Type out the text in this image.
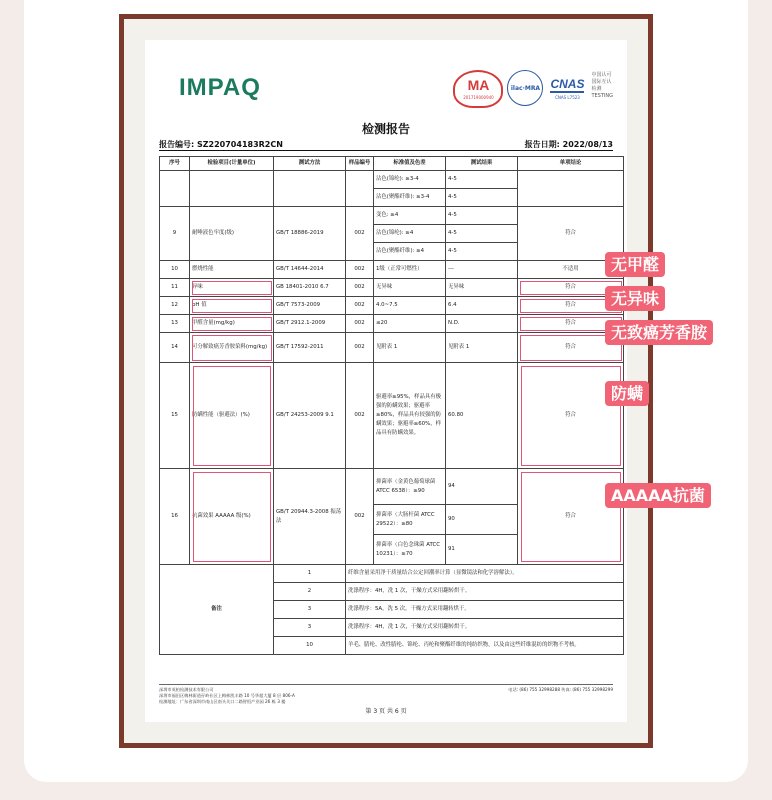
IMPAQ	MA
201719000940
ilac·MRA CNAS
CNAS L7523
中国认可
国际互认
检测
TESTING
检测报告
报告编号: SZ220704183R2CN	报告日期: 2022/08/13
序号	检验项目(计量单位)	测试方法	样品编号	标准值及色差	测试结果	单项结论
				沾色(锦纶): ≥3-4	4-5	
				沾色(聚酯纤维): ≥3-4	4-5	
9	耐唾液色牢度(级)	GB/T 18886-2019	002	变色: ≥4	4-5	符合
				沾色(锦纶): ≥4	4-5	
				沾色(聚酯纤维): ≥4	4-5	
10	燃烧性能	GB/T 14644-2014	002	1级（正常可燃性）	---	不适用
11	异味	GB 18401-2010 6.7	002	无异味	无异味	符合
12	pH 值	GB/T 7573-2009	002	4.0~7.5	6.4	符合
13	甲醛含量(mg/kg)	GB/T 2912.1-2009	002	≤20	N.D.	符合
14	可分解致癌芳香胺染料(mg/kg)	GB/T 17592-2011	002	见附表 1	见附表 1	符合
15	防螨性能（驱避法）(%)	GB/T 24253-2009 9.1	002	驱避率≥95%，样品具有极强的防螨效果；驱避率≥80%，样品具有较强的防螨效果；驱避率≥60%，样品具有防螨效果。	60.80	符合
16	抗菌效果 AAAAA 级(%)	GB/T 20944.3-2008 振荡法	002	抑菌率（金黄色葡萄球菌 ATCC 6538）：≥90	94	符合
				抑菌率（大肠杆菌 ATCC 29522）：≥80	90	
				抑菌率（白色念珠菌 ATCC 10231）：≥70	91	
备注		1	纤维含量采用净干质量结合公定回潮率计算（显微镜法和化学溶解法）。			
		2	洗涤程序：4H，洗 1 次，干燥方式采用翻转烘干。			
		3	洗涤程序：5A，洗 5 次，干燥方式采用翻转烘干。			
		3	洗涤程序：4H，洗 1 次，干燥方式采用翻转烘干。			
		10	羊毛、腈纶、改性腈纶、锦纶、丙纶和聚酯纤维的纯纺织物，以及由这些纤维混纺的织物不考核。			
深圳市英柏检测技术有限公司
深圳市福田区梅林街道孖岭社区上梅林凯丰路 10 号华超大厦 8 层 806-A
检测地址：广东省深圳市南山区南头关口二路智恒产业园 26 栋 3 楼
电话: (86) 755 32998288 传真: (86) 755 32998299
第 3 页 共 6 页
无甲醛
无异味
无致癌芳香胺
防螨
AAAAA抗菌
